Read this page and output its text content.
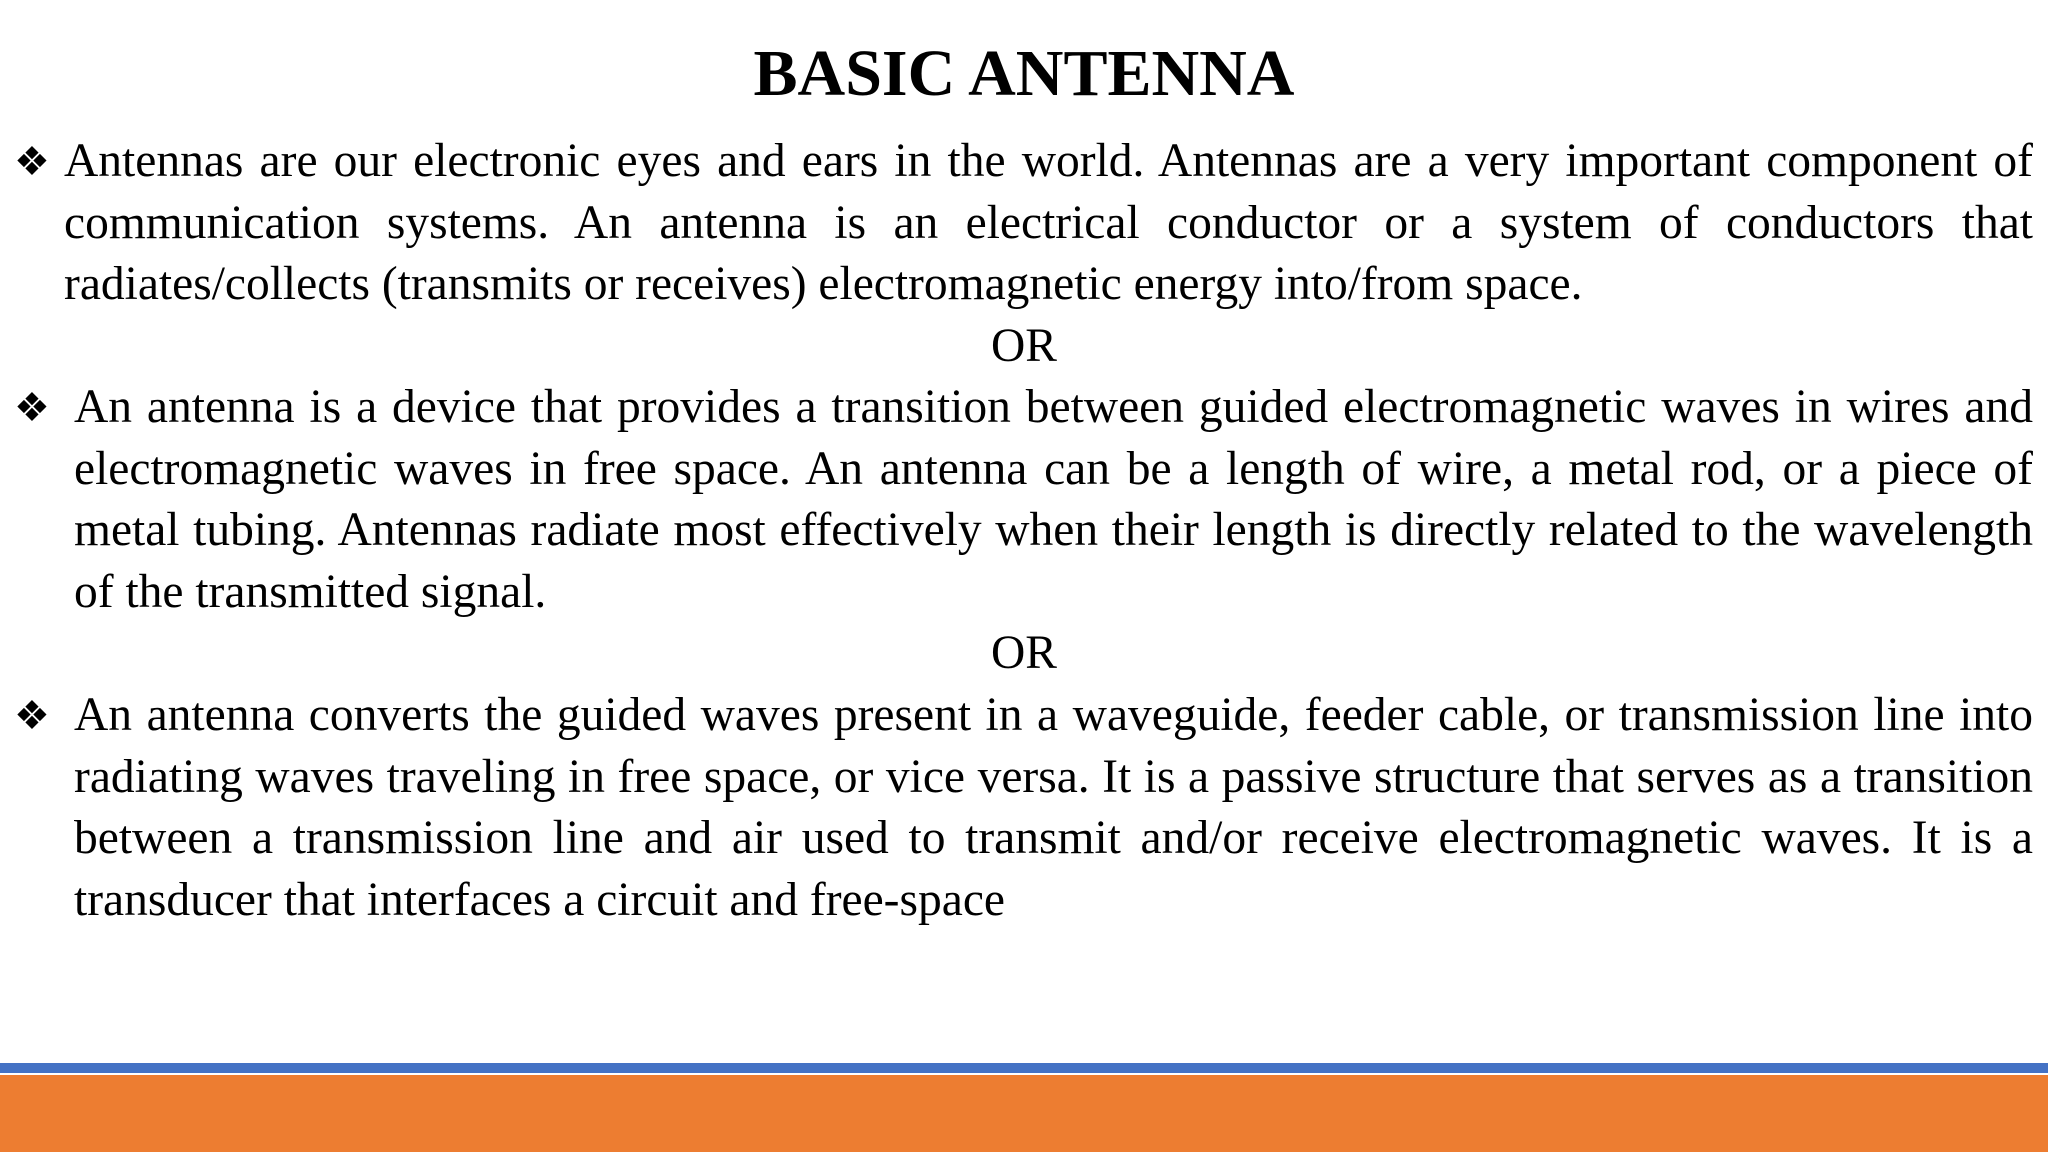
BASIC ANTENNA
❖ Antennas are our electronic eyes and ears in the world. Antennas are a very important component of communication systems. An antenna is an electrical conductor or a system of conductors that radiates/collects (transmits or receives) electromagnetic energy into/from space.
OR
❖ An antenna is a device that provides a transition between guided electromagnetic waves in wires and electromagnetic waves in free space. An antenna can be a length of wire, a metal rod, or a piece of metal tubing. Antennas radiate most effectively when their length is directly related to the wavelength of the transmitted signal.
OR
❖ An antenna converts the guided waves present in a waveguide, feeder cable, or transmission line into radiating waves traveling in free space, or vice versa. It is a passive structure that serves as a transition between a transmission line and air used to transmit and/or receive electromagnetic waves. It is a transducer that interfaces a circuit and free-space
